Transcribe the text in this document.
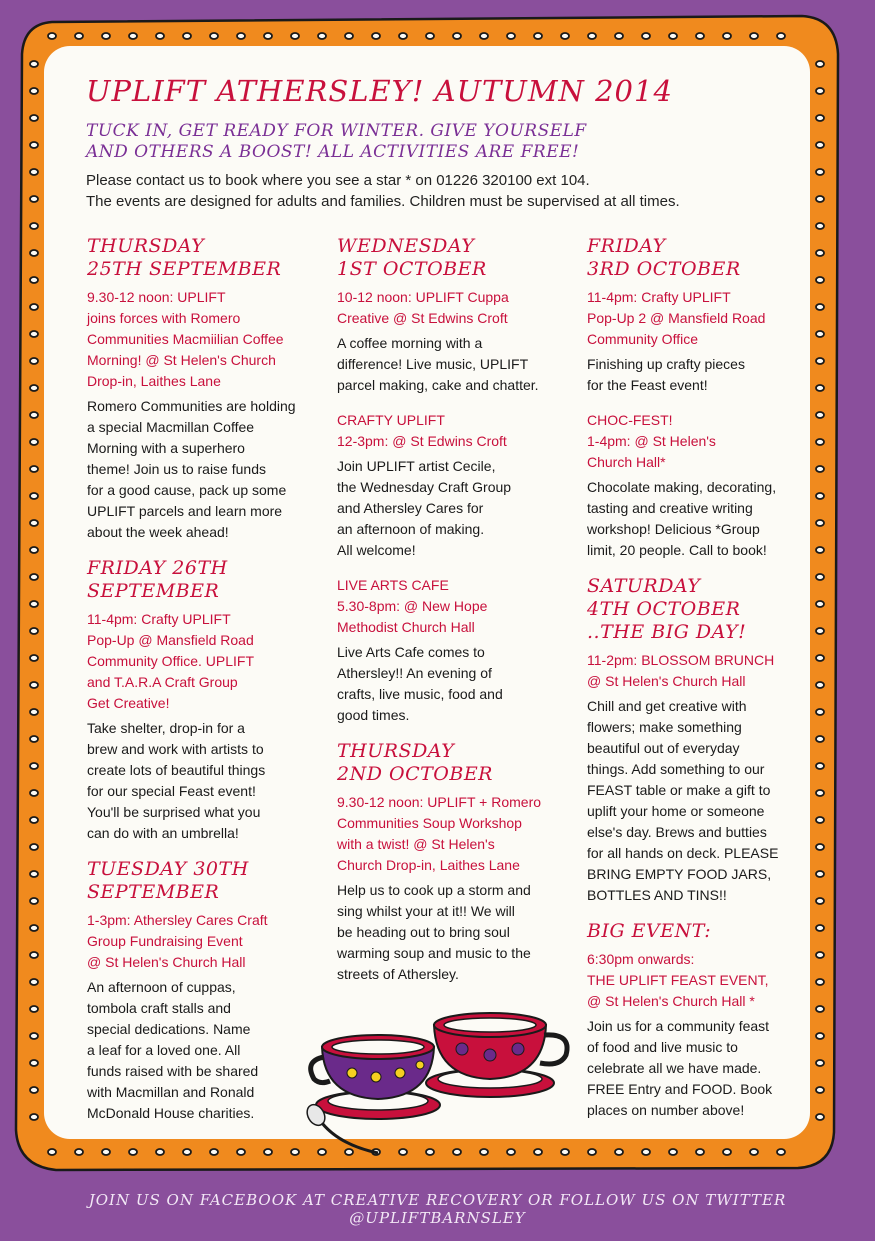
UPLIFT ATHERSLEY! AUTUMN 2014
TUCK IN, GET READY FOR WINTER. GIVE YOURSELF
AND OTHERS A BOOST! ALL ACTIVITIES ARE FREE!
Please contact us to book where you see a star * on 01226 320100 ext 104.
The events are designed for adults and families. Children must be supervised at all times.
THURSDAY
25TH SEPTEMBER
9.30-12 noon: UPLIFT
joins forces with Romero
Communities Macmiilian Coffee
Morning! @ St Helen's Church
Drop-in, Laithes Lane
Romero Communities are holding
a special Macmillan Coffee
Morning with a superhero
theme! Join us to raise funds
for a good cause, pack up some
UPLIFT parcels and learn more
about the week ahead!
FRIDAY 26TH
SEPTEMBER
11-4pm: Crafty UPLIFT
Pop-Up @ Mansfield Road
Community Office. UPLIFT
and T.A.R.A Craft Group
Get Creative!
Take shelter, drop-in for a
brew and work with artists to
create lots of beautiful things
for our special Feast event!
You'll be surprised what you
can do with an umbrella!
TUESDAY 30TH
SEPTEMBER
1-3pm: Athersley Cares Craft
Group Fundraising Event
@ St Helen's Church Hall
An afternoon of cuppas,
tombola craft stalls and
special dedications. Name
a leaf for a loved one. All
funds raised with be shared
with Macmillan and Ronald
McDonald House charities.
WEDNESDAY
1ST OCTOBER
10-12 noon: UPLIFT Cuppa
Creative @ St Edwins Croft
A coffee morning with a
difference! Live music, UPLIFT
parcel making, cake and chatter.
CRAFTY UPLIFT
12-3pm: @ St Edwins Croft
Join UPLIFT artist Cecile,
the Wednesday Craft Group
and Athersley Cares for
an afternoon of making.
All welcome!
LIVE ARTS CAFE
5.30-8pm: @ New Hope
Methodist Church Hall
Live Arts Cafe comes to
Athersley!! An evening of
crafts, live music, food and
good times.
THURSDAY
2ND OCTOBER
9.30-12 noon: UPLIFT + Romero
Communities Soup Workshop
with a twist! @ St Helen's
Church Drop-in, Laithes Lane
Help us to cook up a storm and
sing whilst your at it!! We will
be heading out to bring soul
warming soup and music to the
streets of Athersley.
FRIDAY
3RD OCTOBER
11-4pm: Crafty UPLIFT
Pop-Up 2 @ Mansfield Road
Community Office
Finishing up crafty pieces
for the Feast event!
CHOC-FEST!
1-4pm: @ St Helen's
Church Hall*
Chocolate making, decorating,
tasting and creative writing
workshop! Delicious *Group
limit, 20 people. Call to book!
SATURDAY
4TH OCTOBER
..THE BIG DAY!
11-2pm: BLOSSOM BRUNCH
@ St Helen's Church Hall
Chill and get creative with
flowers; make something
beautiful out of everyday
things. Add something to our
FEAST table or make a gift to
uplift your home or someone
else's day. Brews and butties
for all hands on deck. PLEASE
BRING EMPTY FOOD JARS,
BOTTLES AND TINS!!
BIG EVENT:
6:30pm onwards:
THE UPLIFT FEAST EVENT,
@ St Helen's Church Hall *
Join us for a community feast
of food and live music to
celebrate all we have made.
FREE Entry and FOOD. Book
places on number above!
JOIN US ON FACEBOOK AT CREATIVE RECOVERY OR FOLLOW US ON TWITTER @UPLIFTBARNSLEY
